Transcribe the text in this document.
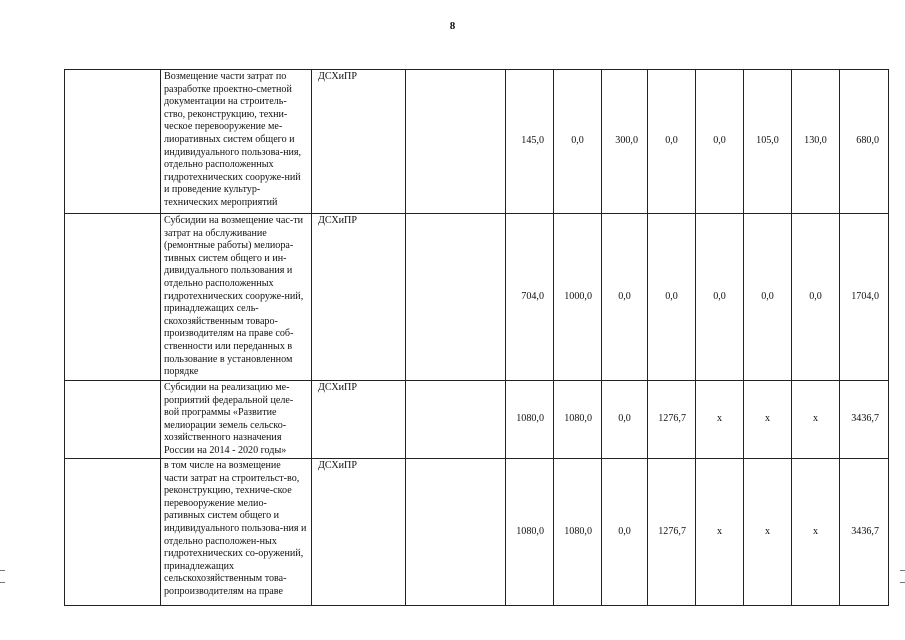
8
	Возмещение части затрат по разработке проектно-сметной документации на строитель-ство, реконструкцию, техни-ческое перевооружение ме-лиоративных систем общего и индивидуального пользова-ния, отдельно расположенных гидротехнических сооруже-ний и проведение культур-технических мероприятий	ДСХиПР		145,0	0,0	300,0	0,0	0,0	105,0	130,0	680,0
	Субсидии на возмещение час-ти затрат на обслуживание (ремонтные работы) мелиора-тивных систем общего и ин-дивидуального пользования и отдельно расположенных гидротехнических сооруже-ний, принадлежащих сель-скохозяйственным товаро-производителям на праве соб-ственности или переданных в пользование в установленном порядке	ДСХиПР		704,0	1000,0	0,0	0,0	0,0	0,0	0,0	1704,0
	Субсидии на реализацию ме-роприятий федеральной целе-вой программы «Развитие мелиорации земель сельско-хозяйственного назначения России на 2014 - 2020 годы»	ДСХиПР		1080,0	1080,0	0,0	1276,7	х	х	х	3436,7
	в том числе на возмещение части затрат на строительст-во, реконструкцию, техниче-ское перевооружение мелио-ративных систем общего и индивидуального пользова-ния и отдельно расположен-ных гидротехнических со-оружений, принадлежащих сельскохозяйственным това-ропроизводителям на праве	ДСХиПР		1080,0	1080,0	0,0	1276,7	х	х	х	3436,7
